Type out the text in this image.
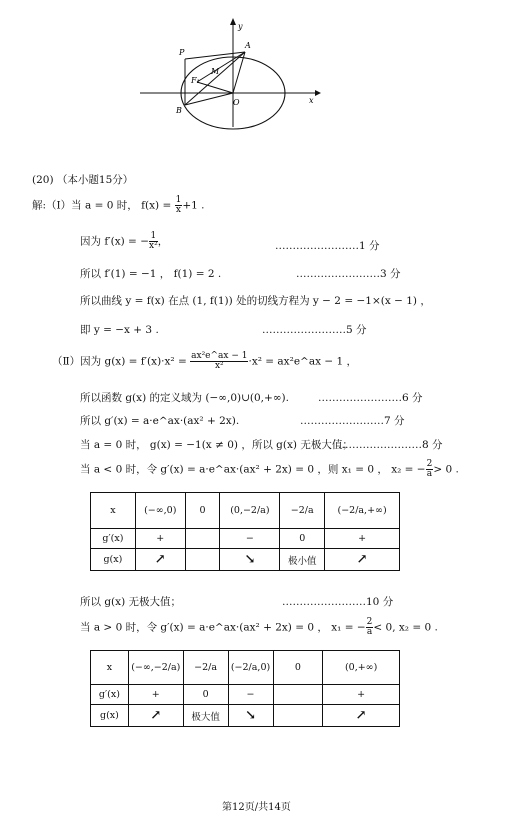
y
x
A
P
M
F₁
O
B
(20) （本小题15分）
解:（Ⅰ）当 a = 0 时， $f(x) = \frac{1}{x} +1$ .
因为 f′(x) = − $\frac{1}{\text{x²}}$ ，	……………………1 分
所以 f′(1) = −1 ， f(1) = 2 .	……………………3 分
所以曲线 y = f(x) 在点 (1, f(1)) 处的切线方程为 y − 2 = −1×(x − 1) ，
即 y = −x + 3 .	……………………5 分
（Ⅱ）因为 $g(x) = f'(x)\cdot x^2 = \frac{\text{ax²e\textasciicircum{}ax − 1}}{\text{x²}} \cdot x^2$ = ax²e^ax − 1 ，
所以函数 g(x) 的定义域为 (−∞,0)∪(0,+∞).	……………………6 分
所以 g′(x) = a·e^ax·(ax² + 2x).	……………………7 分
当 a = 0 时， g(x) = −1(x ≠ 0) ，所以 g(x) 无极大值；
……………………8 分
当 a < 0 时，令 g′(x) = a·e^ax·(ax² + 2x) = 0 ，则 x₁ = 0 ， x₂ = − $\frac{2}{a} > 0$ .
x	(−∞,0)	0	(0,−2/a)	−2/a	(−2/a,+∞)
g′(x)	+		−	0	+
g(x)	↗		↘	极小值	↗
所以 g(x) 无极大值；	……………………10 分
当 a > 0 时，令 g′(x) = a·e^ax·(ax² + 2x) = 0 ， x₁ = − $\frac{2}{a} < 0$, x₂ = 0 .
x	(−∞,−2/a)	−2/a	(−2/a,0)	0	(0,+∞)
g′(x)	+	0	−		+
g(x)	↗	极大值	↘		↗
第12页/共14页
